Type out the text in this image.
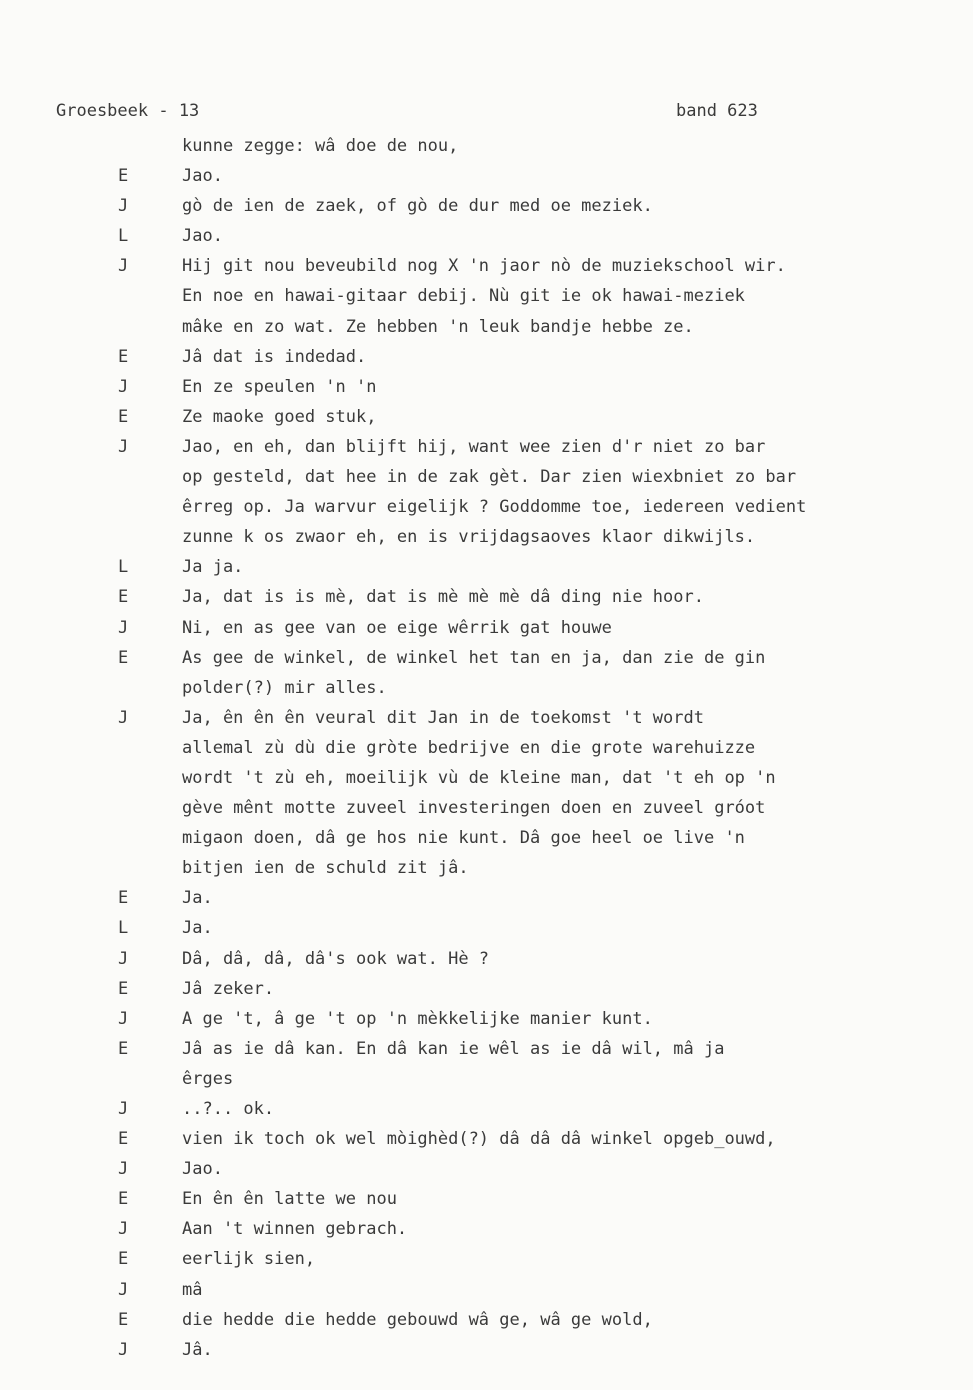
Groesbeek - 13	band 623
kunne zegge: wâ doe de nou,
E	Jao.
J	gò de ien de zaek, of gò de dur med oe meziek.
L	Jao.
J	Hij git nou beveubild nog X 'n jaor nò de muziekschool wir.
En noe en hawai-gitaar debij. Nù git ie ok hawai-meziek
mâke en zo wat. Ze hebben 'n leuk bandje hebbe ze.
E	Jâ dat is indedad.
J	En ze speulen 'n 'n
E	Ze maoke goed stuk,
J	Jao, en eh, dan blijft hij, want wee zien d'r niet zo bar
op gesteld, dat hee in de zak gèt. Dar zien wiexbniet zo bar
êrreg op. Ja warvur eigelijk ? Goddomme toe, iedereen vedient
zunne k os zwaor eh, en is vrijdagsaoves klaor dikwijls.
L	Ja ja.
E	Ja, dat is is mè, dat is mè mè mè dâ ding nie hoor.
J	Ni, en as gee van oe eige wêrrik gat houwe
E	As gee de winkel, de winkel het tan en ja, dan zie de gin
polder(?) mir alles.
J	Ja, ên ên ên veural dit Jan in de toekomst 't wordt
allemal zù dù die gròte bedrijve en die grote warehuizze
wordt 't zù eh, moeilijk vù de kleine man, dat 't eh op 'n
gève mênt motte zuveel investeringen doen en zuveel gróot
migaon doen, dâ ge hos nie kunt. Dâ goe heel oe live 'n
bitjen ien de schuld zit jâ.
E	Ja.
L	Ja.
J	Dâ, dâ, dâ, dâ's ook wat. Hè ?
E	Jâ zeker.
J	A ge 't, â ge 't op 'n mèkkelijke manier kunt.
E	Jâ as ie dâ kan. En dâ kan ie wêl as ie dâ wil, mâ ja
êrges
J	..?.. ok.
E	vien ik toch ok wel mòighèd(?) dâ dâ dâ winkel opgeb_ouwd,
J	Jao.
E	En ên ên latte we nou
J	Aan 't winnen gebrach.
E	eerlijk sien,
J	mâ
E	die hedde die hedde gebouwd wâ ge, wâ ge wold,
J	Jâ.
